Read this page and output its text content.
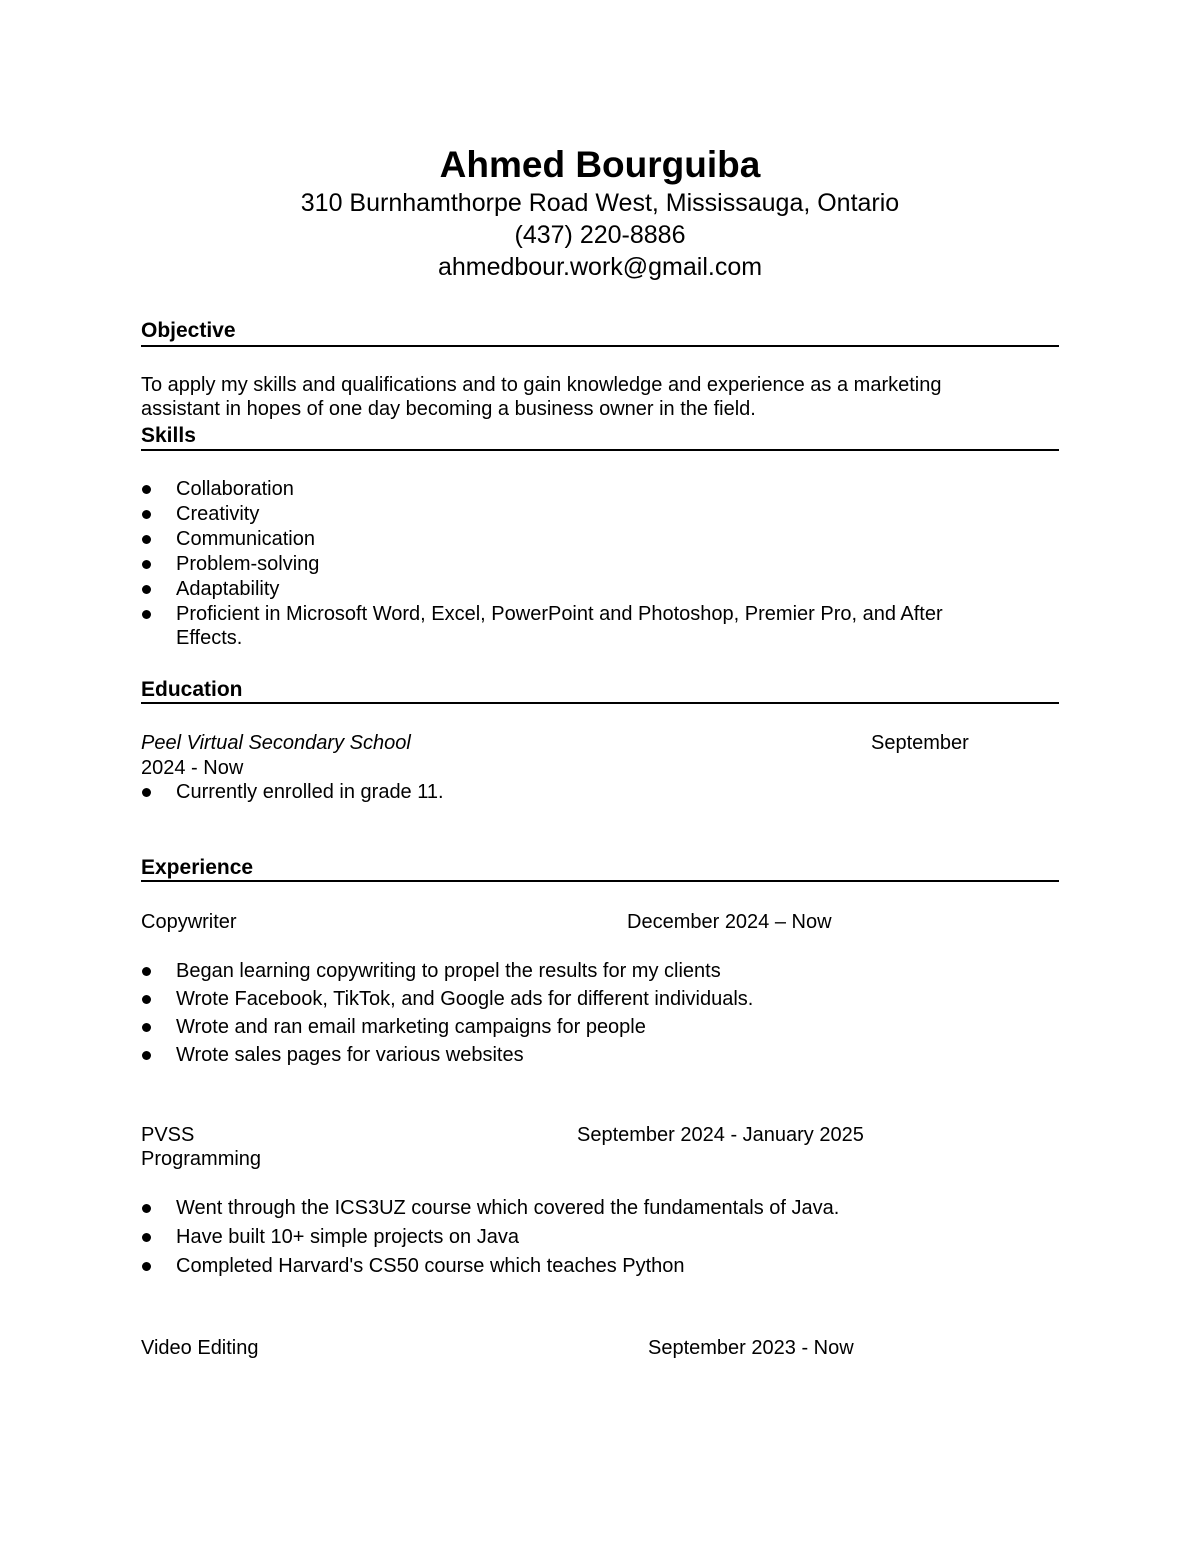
Ahmed Bourguiba
310 Burnhamthorpe Road West, Mississauga, Ontario
(437) 220-8886
ahmedbour.work@gmail.com
Objective
To apply my skills and qualifications and to gain knowledge and experience as a marketing
assistant in hopes of one day becoming a business owner in the field.
Skills
Collaboration
Creativity
Communication
Problem-solving
Adaptability
Proficient in Microsoft Word, Excel, PowerPoint and Photoshop, Premier Pro, and After
Effects.
Education
Peel Virtual Secondary School	September
2024 - Now
Currently enrolled in grade 11.
Experience
Copywriter	December 2024 – Now
Began learning copywriting to propel the results for my clients
Wrote Facebook, TikTok, and Google ads for different individuals.
Wrote and ran email marketing campaigns for people
Wrote sales pages for various websites
PVSS	September 2024 - January 2025
Programming
Went through the ICS3UZ course which covered the fundamentals of Java.
Have built 10+ simple projects on Java
Completed Harvard's CS50 course which teaches Python
Video Editing	September 2023 - Now
